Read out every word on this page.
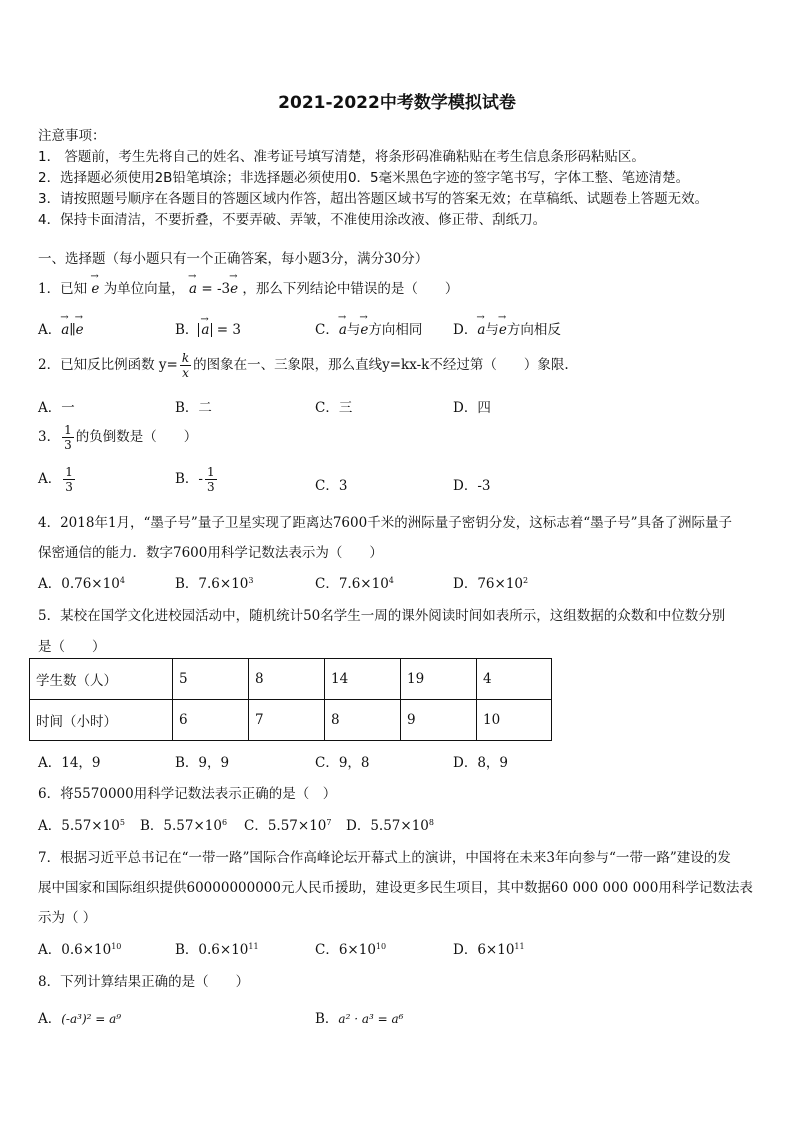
2021-2022中考数学模拟试卷
注意事项：
1． 答题前，考生先将自己的姓名、准考证号填写清楚，将条形码准确粘贴在考生信息条形码粘贴区。
2．选择题必须使用2B铅笔填涂；非选择题必须使用0．5毫米黑色字迹的签字笔书写，字体工整、笔迹清楚。
3．请按照题号顺序在各题目的答题区域内作答，超出答题区域书写的答案无效；在草稿纸、试题卷上答题无效。
4．保持卡面清洁，不要折叠，不要弄破、弄皱，不准使用涂改液、修正带、刮纸刀。
一、选择题（每小题只有一个正确答案，每小题3分，满分30分）
1．已知 → e 为单位向量， → a = -3→ e ，那么下列结论中错误的是（　　）
A．→ a∥→ e	B． → a = 3	C．→ a与→ e方向相同 D．→ a与→ e方向相反
2．已知反比例函数 $y= \frac{k}{x}$ 的图象在一、三象限，那么直线y=kx-k不经过第（　　）象限.
A．一	B．二	C．三	D．四
3． $\frac{1}{3}$ 的负倒数是（　　）
A． $\frac{1}{3}$	B．- $\frac{1}{3}$	C．3	D．-3
4．2018年1月，“墨子号”量子卫星实现了距离达7600千米的洲际量子密钥分发，这标志着“墨子号”具备了洲际量子
保密通信的能力．数字7600用科学记数法表示为（　　）
A．$0.76\times 10^4$	B．$7.6\times 10^3$	C．$7.6\times 10^4$	D．$76\times 10^2$
5．某校在国学文化进校园活动中，随机统计50名学生一周的课外阅读时间如表所示，这组数据的众数和中位数分别
是（　　）
学生数（人）	5	8	14	19	4
时间（小时）	6	7	8	9	10
A．14，9	B．9，9	C．9，8	D．8，9
6．将5570000用科学记数法表示正确的是（　）
A．$5.57\times 10^5$ B．$5.57\times 10^6$ C．$5.57\times 10^7$ D．$5.57\times 10^8$
7．根据习近平总书记在“一带一路”国际合作高峰论坛开幕式上的演讲，中国将在未来3年向参与“一带一路”建设的发
展中国家和国际组织提供60000000000元人民币援助，建设更多民生项目，其中数据60 000 000 000用科学记数法表
示为（ ）
A．$0.6\times 10^{10}$	B．$0.6\times 10^{11}$	C．$6\times 10^{10}$	D．$6\times 10^{11}$
8．下列计算结果正确的是（　　）
A．(-a³)² = a⁹	B．a² · a³ = a⁶
